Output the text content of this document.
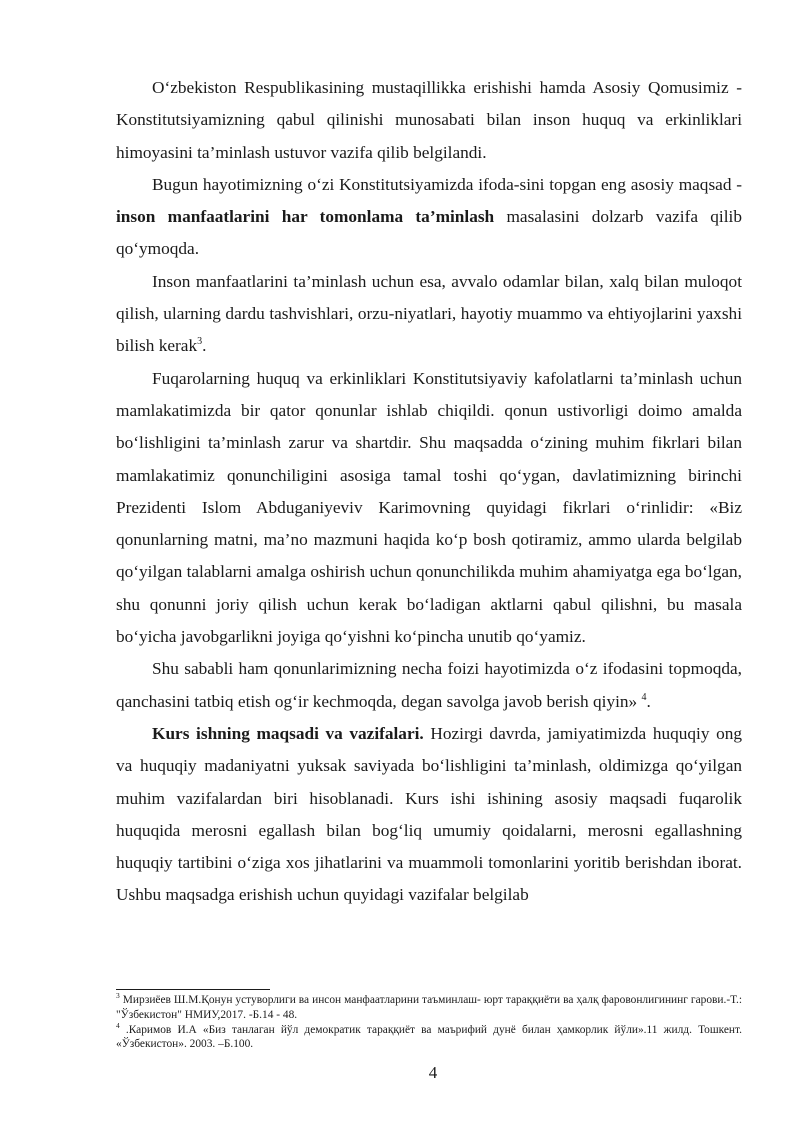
O‘zbekiston Respublikasining mustaqillikka erishishi hamda Asosiy Qomusimiz - Konstitutsiyamizning qabul qilinishi munosabati bilan inson huquq va erkinliklari himoyasini ta’minlash ustuvor vazifa qilib belgilandi.

Bugun hayotimizning o‘zi Konstitutsiyamizda ifoda-sini topgan eng asosiy maqsad - inson manfaatlarini har tomonlama ta’minlash masalasini dolzarb vazifa qilib qo‘ymoqda.

Inson manfaatlarini ta’minlash uchun esa, avvalo odamlar bilan, xalq bilan muloqot qilish, ularning dardu tashvishlari, orzu-niyatlari, hayotiy muammo va ehtiyojlarini yaxshi bilish kerak$^3$.

Fuqarolarning huquq va erkinliklari Konstitutsiyaviy kafolatlarni ta’minlash uchun mamlakatimizda bir qator qonunlar ishlab chiqildi. qonun ustivorligi doimo amalda bo‘lishligini ta’minlash zarur va shartdir. Shu maqsadda o‘zining muhim fikrlari bilan mamlakatimiz qonunchiligini asosiga tamal toshi qo‘ygan, davlatimizning birinchi Prezidenti Islom Abduganiyeviv Karimovning quyidagi fikrlari o‘rinlidir: «Biz qonunlarning matni, ma’no mazmuni haqida ko‘p bosh qotiramiz, ammo ularda belgilab qo‘yilgan talablarni amalga oshirish uchun qonunchilikda muhim ahamiyatga ega bo‘lgan, shu qonunni joriy qilish uchun kerak bo‘ladigan aktlarni qabul qilishni, bu masala bo‘yicha javobgarlikni joyiga qo‘yishni ko‘pincha unutib qo‘yamiz.

Shu sababli ham qonunlarimizning necha foizi hayotimizda o‘z ifodasini topmoqda, qanchasini tatbiq etish og‘ir kechmoqda, degan savolga javob berish qiyin» $^4$.

Kurs ishning maqsadi va vazifalari. Hozirgi davrda, jamiyatimizda huquqiy ong va huquqiy madaniyatni yuksak saviyada bo‘lishligini ta’minlash, oldimizga qo‘yilgan muhim vazifalardan biri hisoblanadi. Kurs ishi ishining asosiy maqsadi fuqarolik huquqida merosni egallash bilan bog‘liq umumiy qoidalarni, merosni egallashning huquqiy tartibini o‘ziga xos jihatlarini va muammoli tomonlarini yoritib berishdan iborat. Ushbu maqsadga erishish uchun quyidagi vazifalar belgilab

$^3$ Мирзиёев Ш.М.Қонун устуворлиги ва инсон манфаатларини таъминлаш- юрт тараққиёти ва ҳалқ фаровонлигининг гарови.-Т.: "Ўзбекистон" НМИУ,2017. -Б.14 - 48.

$^4$ .Каримов И.А «Биз танлаган йўл демократик тараққиёт ва маърифий дунё билан ҳамкорлик йўли».11 жилд. Тошкент. «Ўзбекистон». 2003. –Б.100.

4
